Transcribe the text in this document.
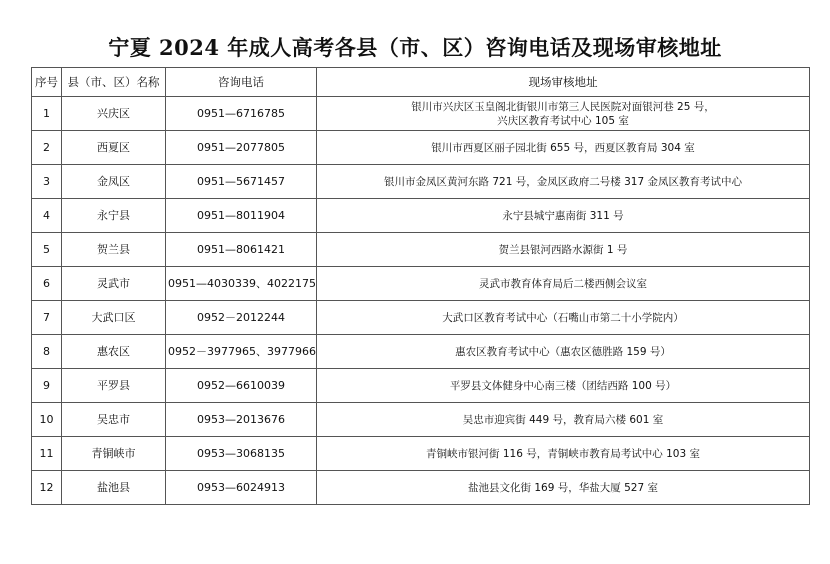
宁夏 2024 年成人高考各县（市、区）咨询电话及现场审核地址
序号	县（市、区）名称	咨询电话	现场审核地址
1	兴庆区	0951—6716785	银川市兴庆区玉皇阁北街银川市第三人民医院对面银河巷 25 号，
兴庆区教育考试中心 105 室

2	西夏区	0951—2077805	银川市西夏区丽子园北街 655 号，西夏区教育局 304 室

3	金凤区	0951—5671457	银川市金凤区黄河东路 721 号，金凤区政府二号楼 317 金凤区教育考试中心

4	永宁县	0951—8011904	永宁县城宁惠南街 311 号

5	贺兰县	0951—8061421	贺兰县银河西路水源街 1 号

6	灵武市	0951—4030339、4022175	灵武市教育体育局后二楼西侧会议室

7	大武口区	0952－2012244	大武口区教育考试中心（石嘴山市第二十小学院内）

8	惠农区	0952－3977965、3977966	惠农区教育考试中心（惠农区德胜路 159 号）

9	平罗县	0952—6610039	平罗县文体健身中心南三楼（团结西路 100 号）

10	吴忠市	0953—2013676	吴忠市迎宾街 449 号，教育局六楼 601 室

11	青铜峡市	0953—3068135	青铜峡市银河街 116 号，青铜峡市教育局考试中心 103 室

12	盐池县	0953—6024913	盐池县文化街 169 号，华盐大厦 527 室
